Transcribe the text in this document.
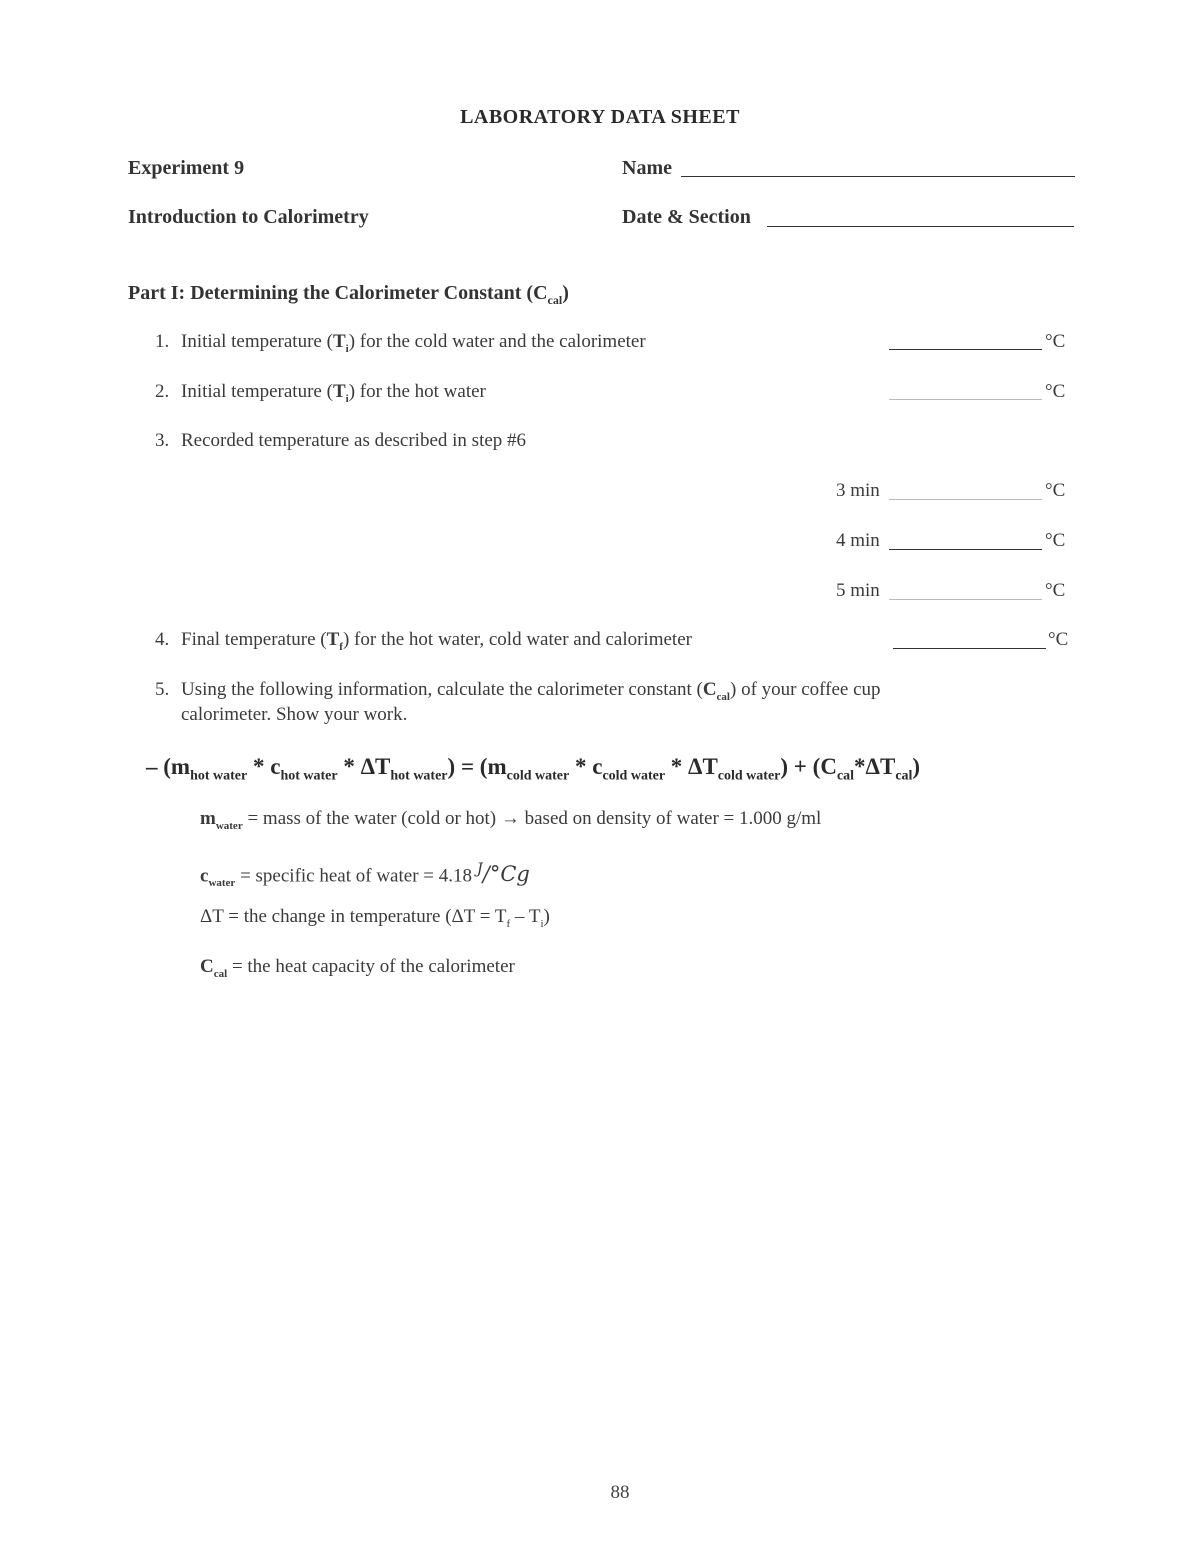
LABORATORY DATA SHEET
Experiment 9	Name
Introduction to Calorimetry	Date & Section
Part I: Determining the Calorimeter Constant $(C_{cal})$
1. Initial temperature $(T_i)$ for the cold water and the calorimeter	°C
2. Initial temperature $(T_i)$ for the hot water	°C
3. Recorded temperature as described in step #6
3 min	°C
4 min	°C
5 min	°C
4. Final temperature $(T_f)$ for the hot water, cold water and calorimeter	°C
5. Using the following information, calculate the calorimeter constant $(C_{cal})$ of your coffee cup
calorimeter. Show your work.
– $(m_{hot water} * c_{hot water} * \Delta T_{hot water}) = (m_{cold water} * c_{cold water} * \Delta T_{cold water}) + (C_{cal}*\Delta T_{cal})$
$m_{water}$ = mass of the water (cold or hot) → based on density of water = 1.000 g/ml
$c_{water}$ = specific heat of water = 4.18 $^J$/°Cg
ΔT = the change in temperature $(\Delta T = T_f - T_i)$
$C_{cal}$ = the heat capacity of the calorimeter
88
